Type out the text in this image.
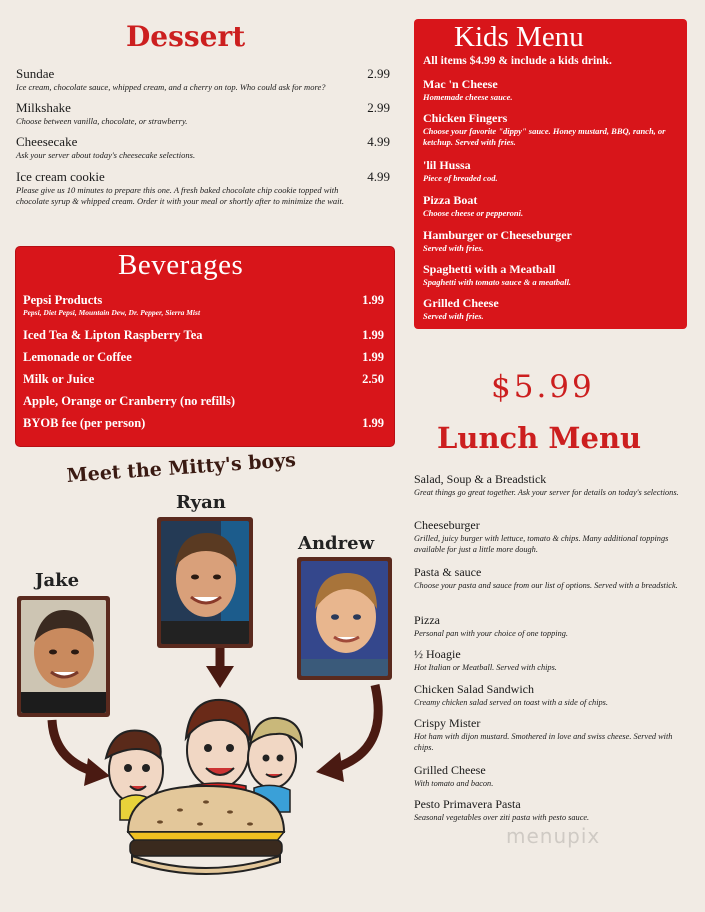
Dessert
Sundae	2.99
Ice cream, chocolate sauce, whipped cream, and a cherry on top. Who could ask for more?
Milkshake	2.99
Choose between vanilla, chocolate, or strawberry.
Cheesecake	4.99
Ask your server about today's cheesecake selections.
Ice cream cookie	4.99
Please give us 10 minutes to prepare this one. A fresh baked chocolate chip cookie topped with chocolate syrup & whipped cream. Order it with your meal or shortly after to minimize the wait.
Beverages
Pepsi Products	1.99
Pepsi, Diet Pepsi, Mountain Dew, Dr. Pepper, Sierra Mist
Iced Tea & Lipton Raspberry Tea	1.99
Lemonade or Coffee	1.99
Milk or Juice	2.50
Apple, Orange or Cranberry (no refills)
BYOB fee (per person)	1.99
Kids Menu
All items $4.99 & include a kids drink.
Mac 'n Cheese
Homemade cheese sauce.
Chicken Fingers
Choose your favorite "dippy" sauce. Honey mustard, BBQ, ranch, or ketchup. Served with fries.
'lil Hussa
Piece of breaded cod.
Pizza Boat
Choose cheese or pepperoni.
Hamburger or Cheeseburger
Served with fries.
Spaghetti with a Meatball
Spaghetti with tomato sauce & a meatball.
Grilled Cheese
Served with fries.
$5.99
Lunch Menu
Salad, Soup & a Breadstick
Great things go great together. Ask your server for details on today's selections.
Cheeseburger
Grilled, juicy burger with lettuce, tomato & chips. Many additional toppings available for just a little more dough.
Pasta & sauce
Choose your pasta and sauce from our list of options. Served with a breadstick.
Pizza
Personal pan with your choice of one topping.
½ Hoagie
Hot Italian or Meatball. Served with chips.
Chicken Salad Sandwich
Creamy chicken salad served on toast with a side of chips.
Crispy Mister
Hot ham with dijon mustard. Smothered in love and swiss cheese. Served with chips.
Grilled Cheese
With tomato and bacon.
Pesto Primavera Pasta
Seasonal vegetables over ziti pasta with pesto sauce.
Meet the Mitty's boys
Jake
Ryan
Andrew
menupix
